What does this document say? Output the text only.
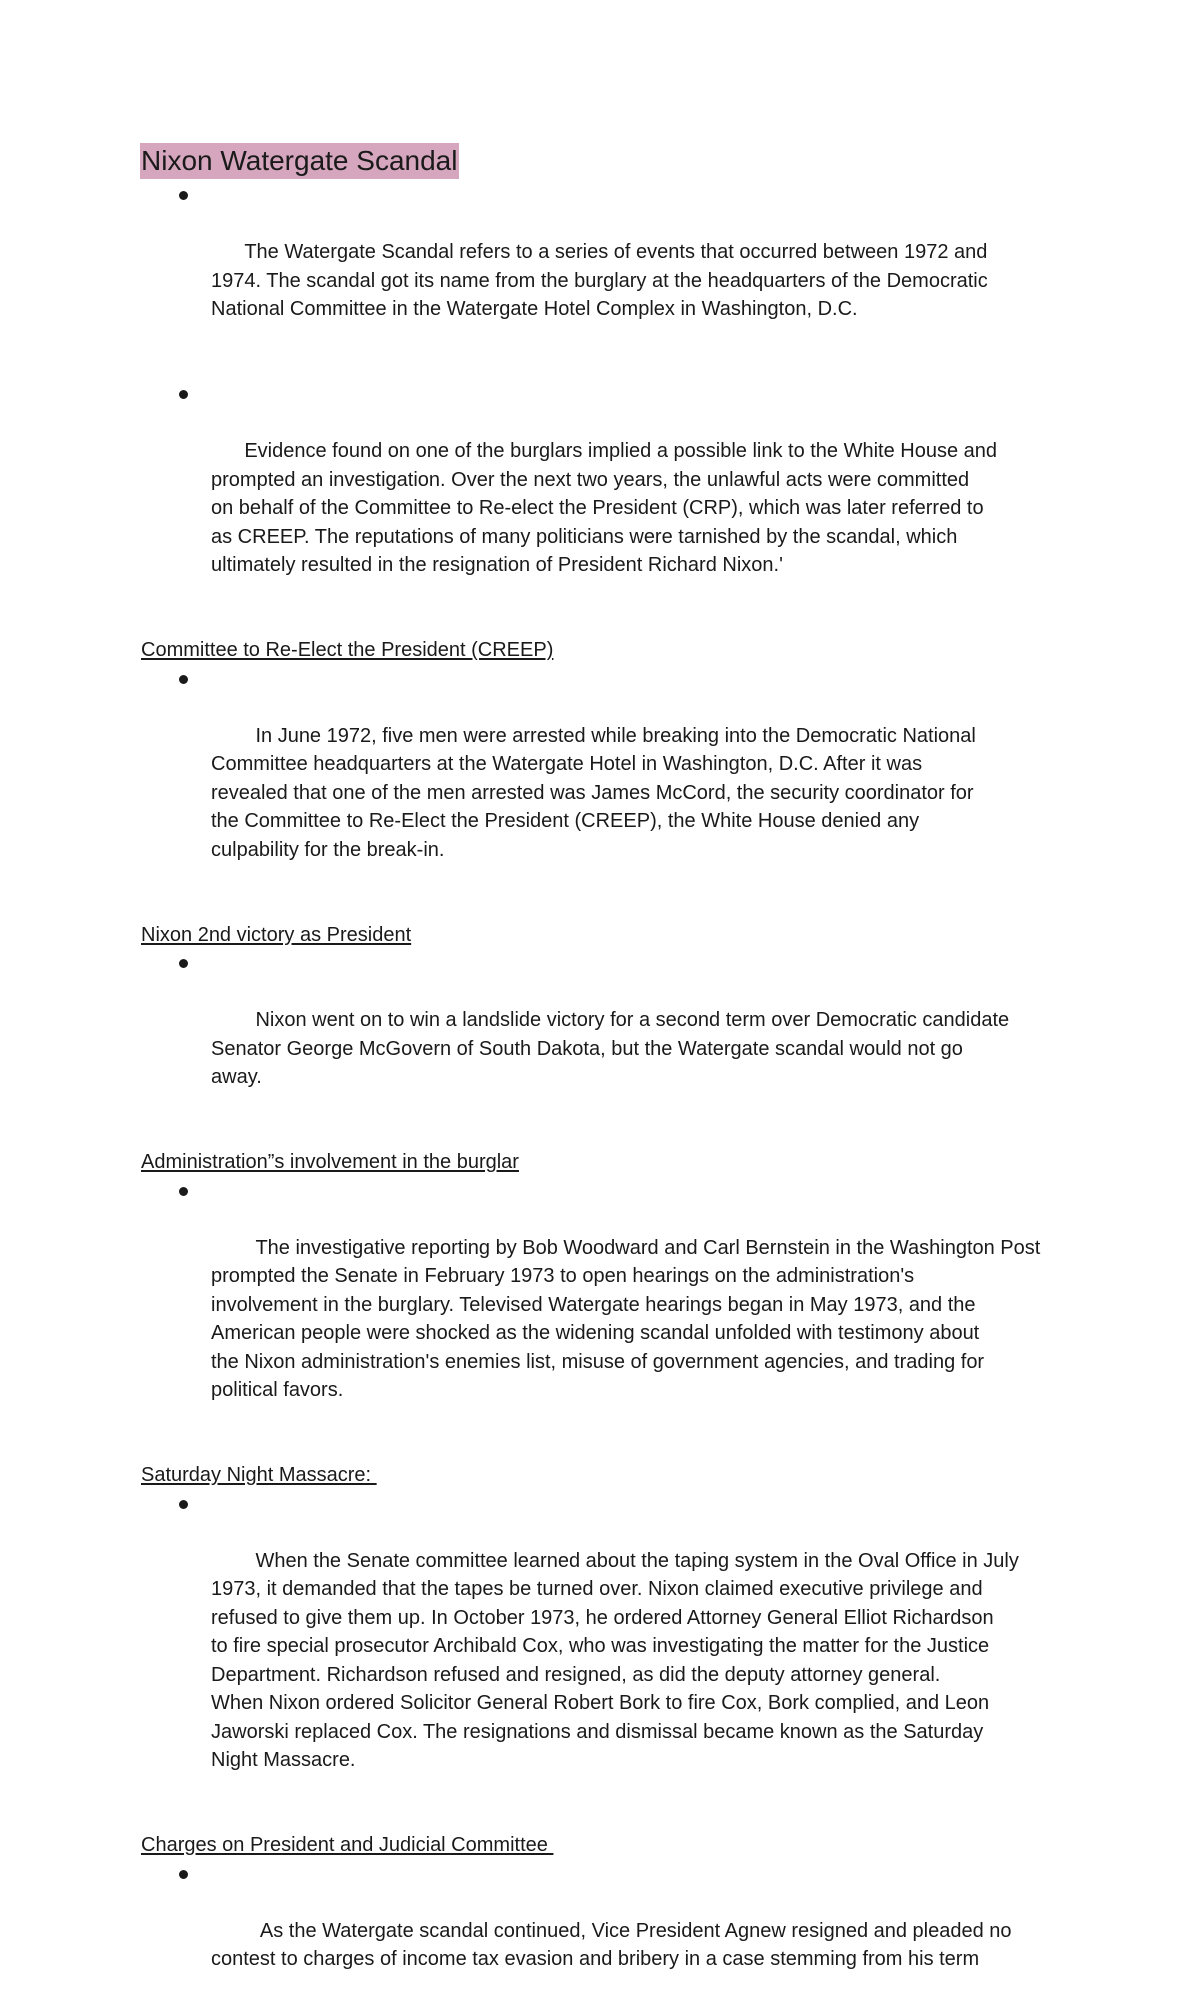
Nixon Watergate Scandal

The Watergate Scandal refers to a series of events that occurred between 1972 and
1974. The scandal got its name from the burglary at the headquarters of the Democratic
National Committee in the Watergate Hotel Complex in Washington, D.C.

Evidence found on one of the burglars implied a possible link to the White House and
prompted an investigation. Over the next two years, the unlawful acts were committed
on behalf of the Committee to Re-elect the President (CRP), which was later referred to
as CREEP. The reputations of many politicians were tarnished by the scandal, which
ultimately resulted in the resignation of President Richard Nixon.'

Committee to Re-Elect the President (CREEP)

In June 1972, five men were arrested while breaking into the Democratic National
Committee headquarters at the Watergate Hotel in Washington, D.C. After it was
revealed that one of the men arrested was James McCord, the security coordinator for
the Committee to Re-Elect the President (CREEP), the White House denied any
culpability for the break-in.

Nixon 2nd victory as President

Nixon went on to win a landslide victory for a second term over Democratic candidate
Senator George McGovern of South Dakota, but the Watergate scandal would not go
away.

Administration”s involvement in the burglar

The investigative reporting by Bob Woodward and Carl Bernstein in the Washington Post
prompted the Senate in February 1973 to open hearings on the administration's
involvement in the burglary. Televised Watergate hearings began in May 1973, and the
American people were shocked as the widening scandal unfolded with testimony about
the Nixon administration's enemies list, misuse of government agencies, and trading for
political favors.

Saturday Night Massacre:

When the Senate committee learned about the taping system in the Oval Office in July
1973, it demanded that the tapes be turned over. Nixon claimed executive privilege and
refused to give them up. In October 1973, he ordered Attorney General Elliot Richardson
to fire special prosecutor Archibald Cox, who was investigating the matter for the Justice
Department. Richardson refused and resigned, as did the deputy attorney general.
When Nixon ordered Solicitor General Robert Bork to fire Cox, Bork complied, and Leon
Jaworski replaced Cox. The resignations and dismissal became known as the Saturday
Night Massacre.

Charges on President and Judicial Committee

As the Watergate scandal continued, Vice President Agnew resigned and pleaded no
contest to charges of income tax evasion and bribery in a case stemming from his term
